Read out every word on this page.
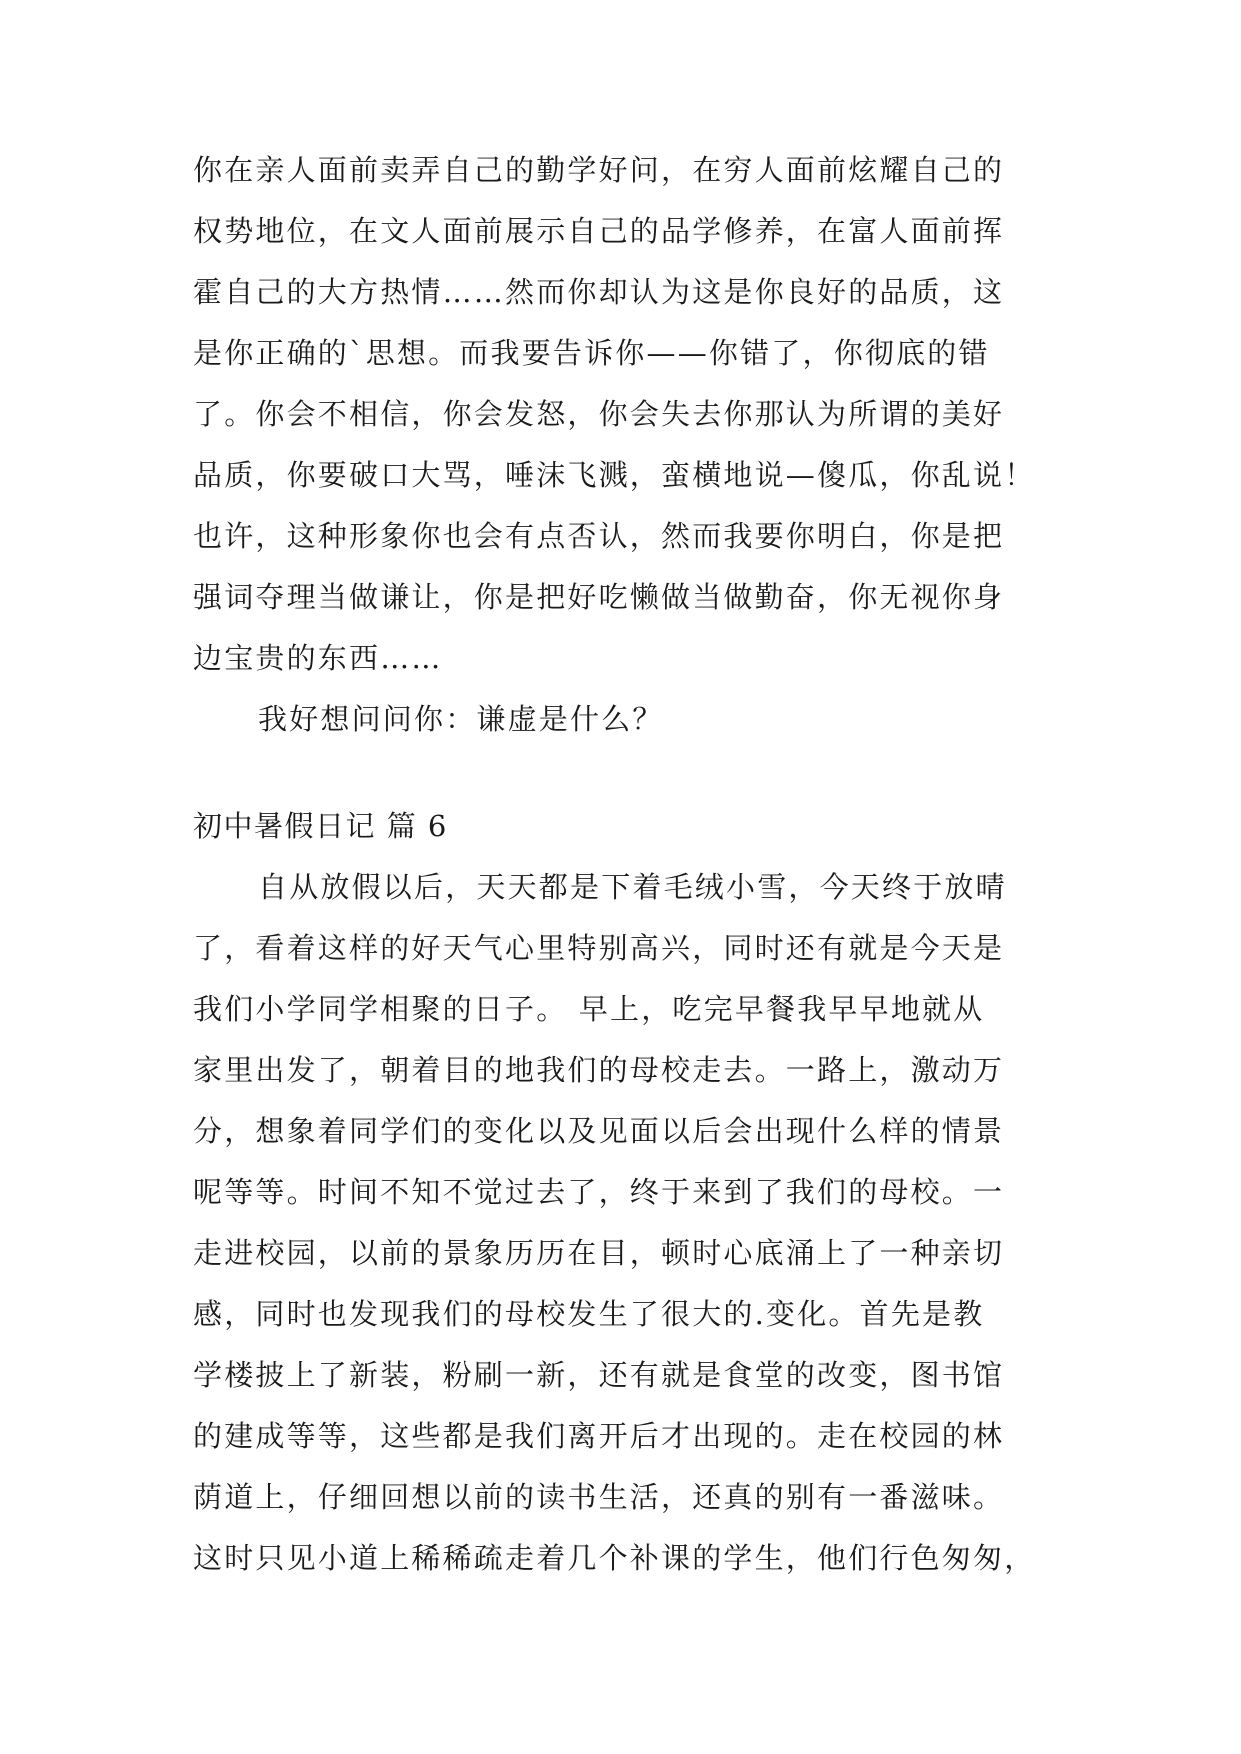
你在亲人面前卖弄自己的勤学好问，在穷人面前炫耀自己的
权势地位，在文人面前展示自己的品学修养，在富人面前挥
霍自己的大方热情……然而你却认为这是你良好的品质，这
是你正确的`思想。而我要告诉你——你错了，你彻底的错
了。你会不相信，你会发怒，你会失去你那认为所谓的美好
品质，你要破口大骂，唾沫飞溅，蛮横地说—傻瓜，你乱说！
也许，这种形象你也会有点否认，然而我要你明白，你是把
强词夺理当做谦让，你是把好吃懒做当做勤奋，你无视你身
边宝贵的东西……
我好想问问你：谦虚是什么？
初中暑假日记 篇 6
自从放假以后，天天都是下着毛绒小雪，今天终于放晴
了，看着这样的好天气心里特别高兴，同时还有就是今天是
我们小学同学相聚的日子。 早上，吃完早餐我早早地就从
家里出发了，朝着目的地我们的母校走去。一路上，激动万
分，想象着同学们的变化以及见面以后会出现什么样的情景
呢等等。时间不知不觉过去了，终于来到了我们的母校。一
走进校园，以前的景象历历在目，顿时心底涌上了一种亲切
感，同时也发现我们的母校发生了很大的.变化。首先是教
学楼披上了新装，粉刷一新，还有就是食堂的改变，图书馆
的建成等等，这些都是我们离开后才出现的。走在校园的林
荫道上，仔细回想以前的读书生活，还真的别有一番滋味。
这时只见小道上稀稀疏走着几个补课的学生，他们行色匆匆，
